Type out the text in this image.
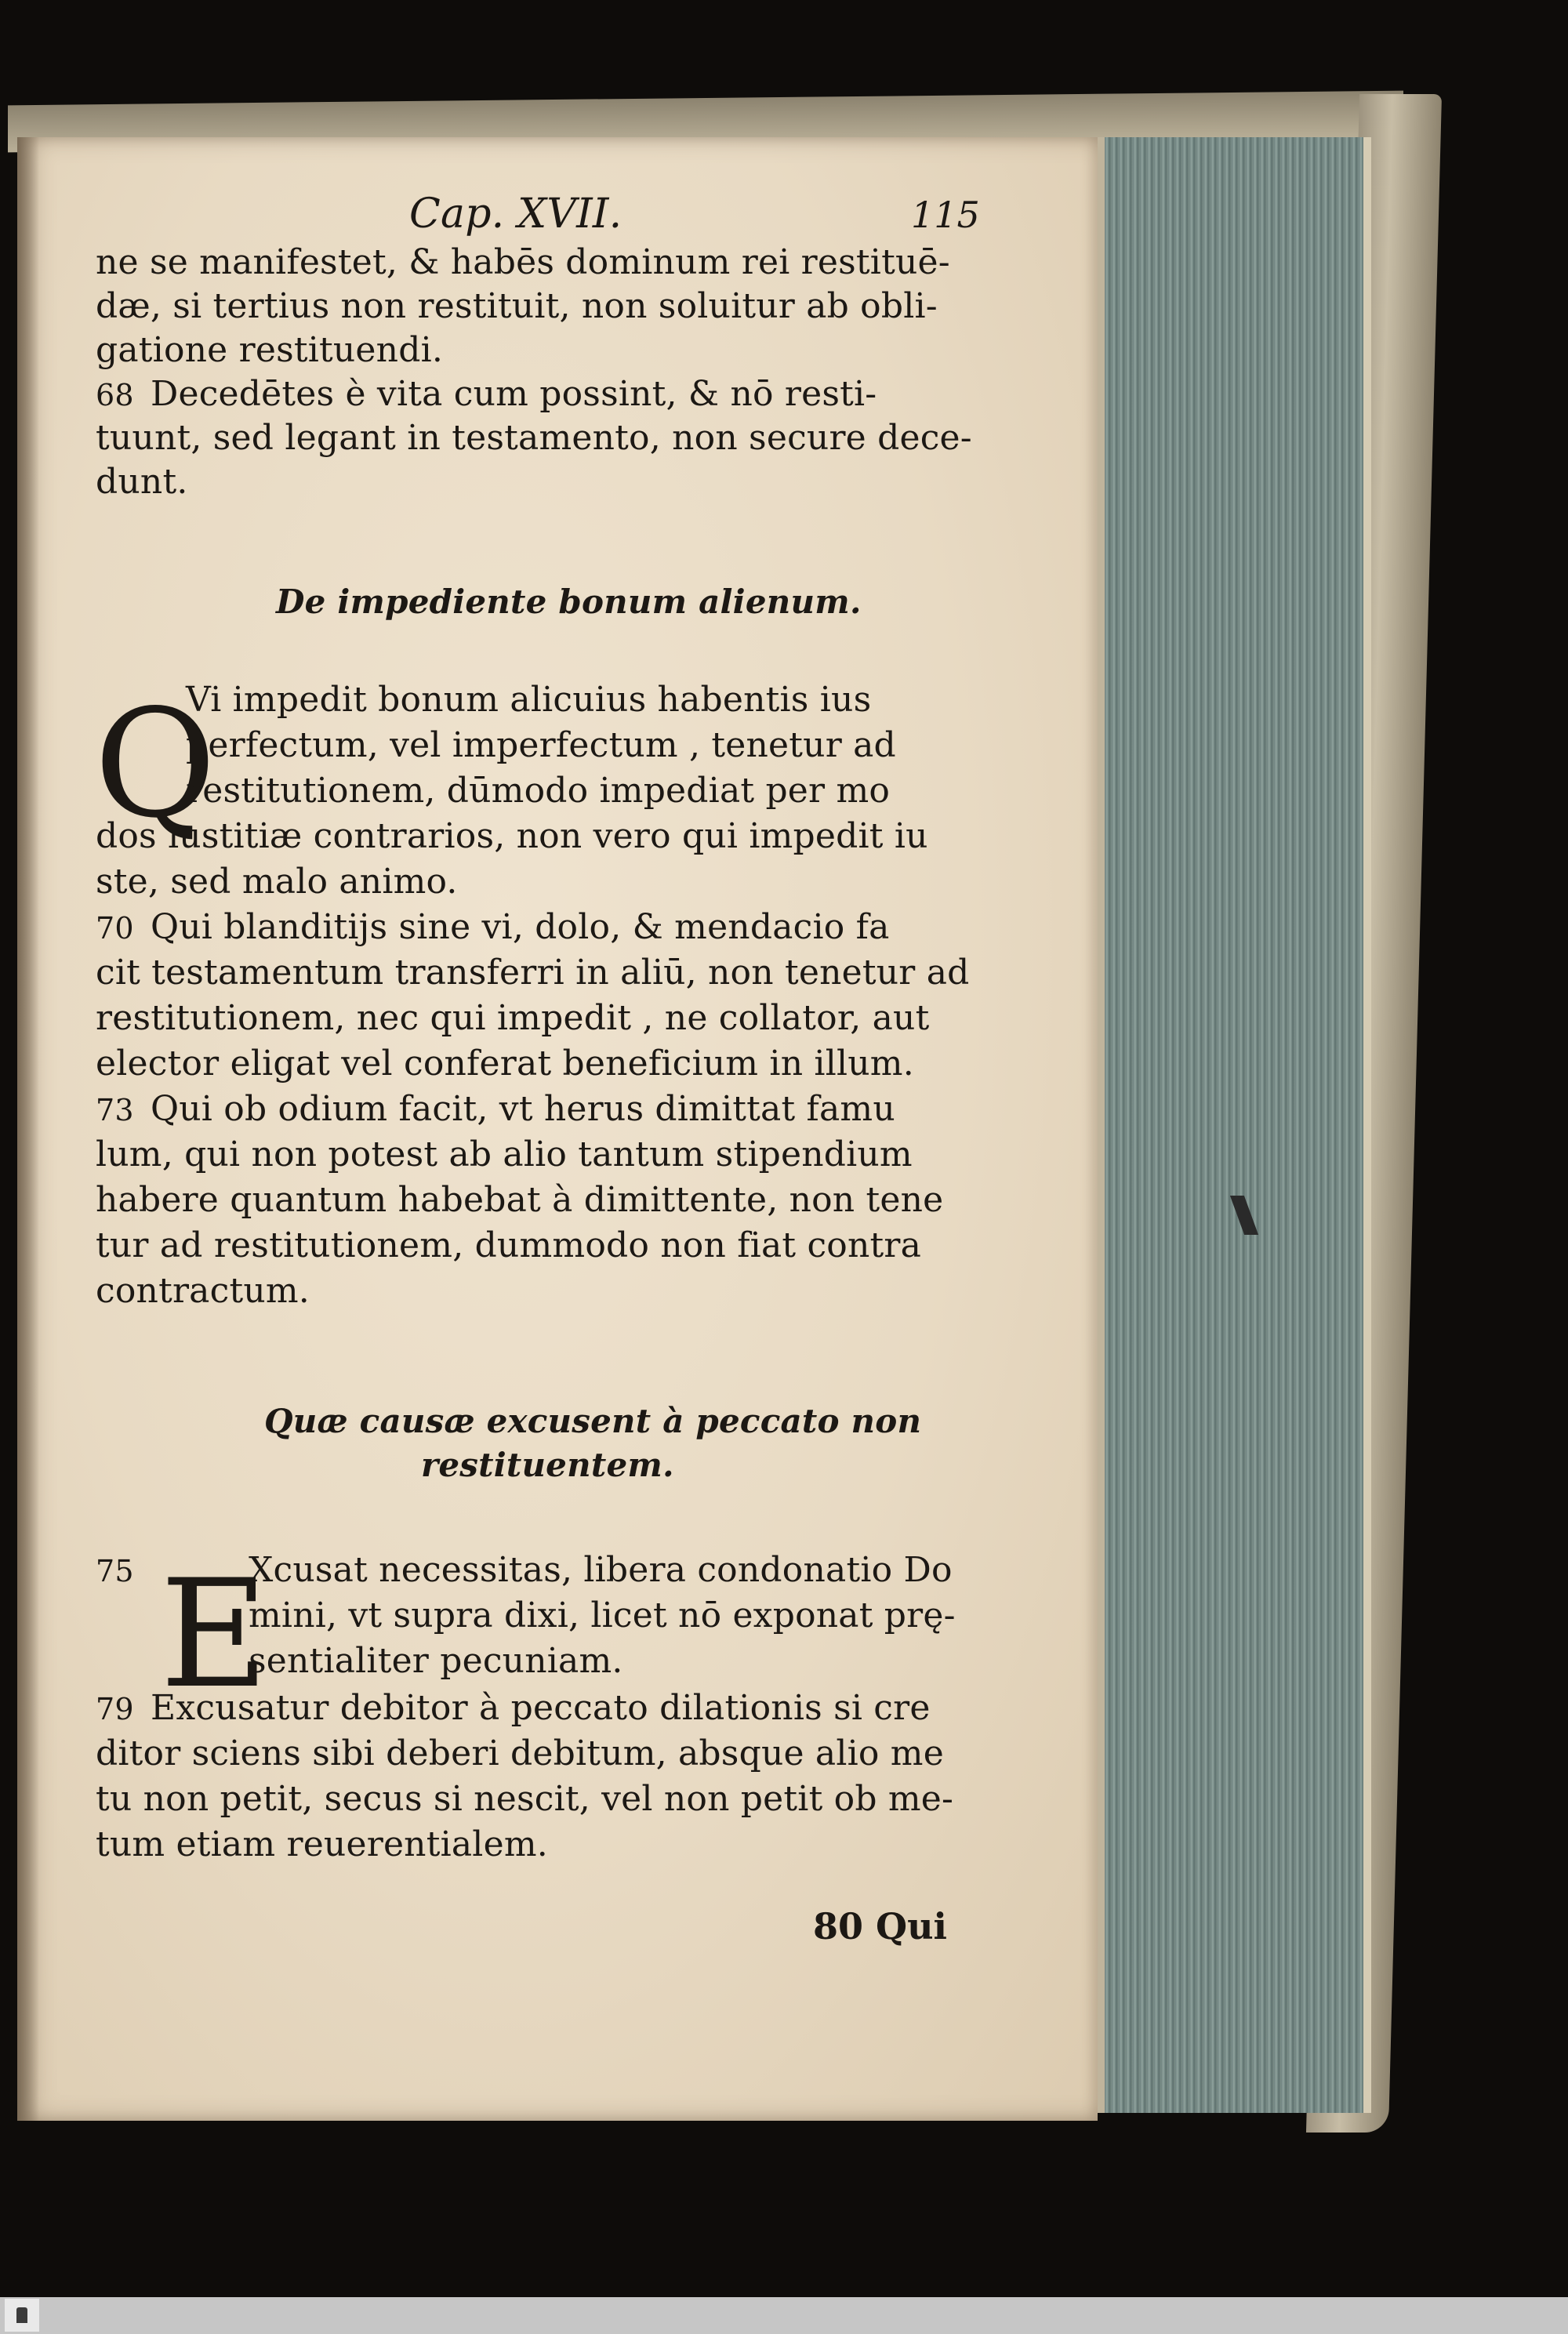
Cap. XVII.	115
ne se manifestet, & habēs dominum rei restituē-
dæ, si tertius non restituit, non soluitur ab obli-
gatione restituendi.
68 Decedētes è vita cum possint, & nō resti-
tuunt, sed legant in testamento, non secure dece-
dunt.
De impediente bonum alienum.
Q
Vi impedit bonum alicuius habentis ius
perfectum, vel imperfectum , tenetur ad
restitutionem, dūmodo impediat per mo
dos iustitiæ contrarios, non vero qui impedit iu
ste, sed malo animo.
70 Qui blanditijs sine vi, dolo, & mendacio fa
cit testamentum transferri in aliū, non tenetur ad
restitutionem, nec qui impedit , ne collator, aut
elector eligat vel conferat beneficium in illum.
73 Qui ob odium facit, vt herus dimittat famu
lum, qui non potest ab alio tantum stipendium
habere quantum habebat à dimittente, non tene
tur ad restitutionem, dummodo non fiat contra
contractum.
Quæ causæ excusent à peccato non
restituentem.
75 E
Xcusat necessitas, libera condonatio Do
mini, vt supra dixi, licet nō exponat prę-
sentialiter pecuniam.
79 Excusatur debitor à peccato dilationis si cre
ditor sciens sibi deberi debitum, absque alio me
tu non petit, secus si nescit, vel non petit ob me-
tum etiam reuerentialem.
80 Qui
